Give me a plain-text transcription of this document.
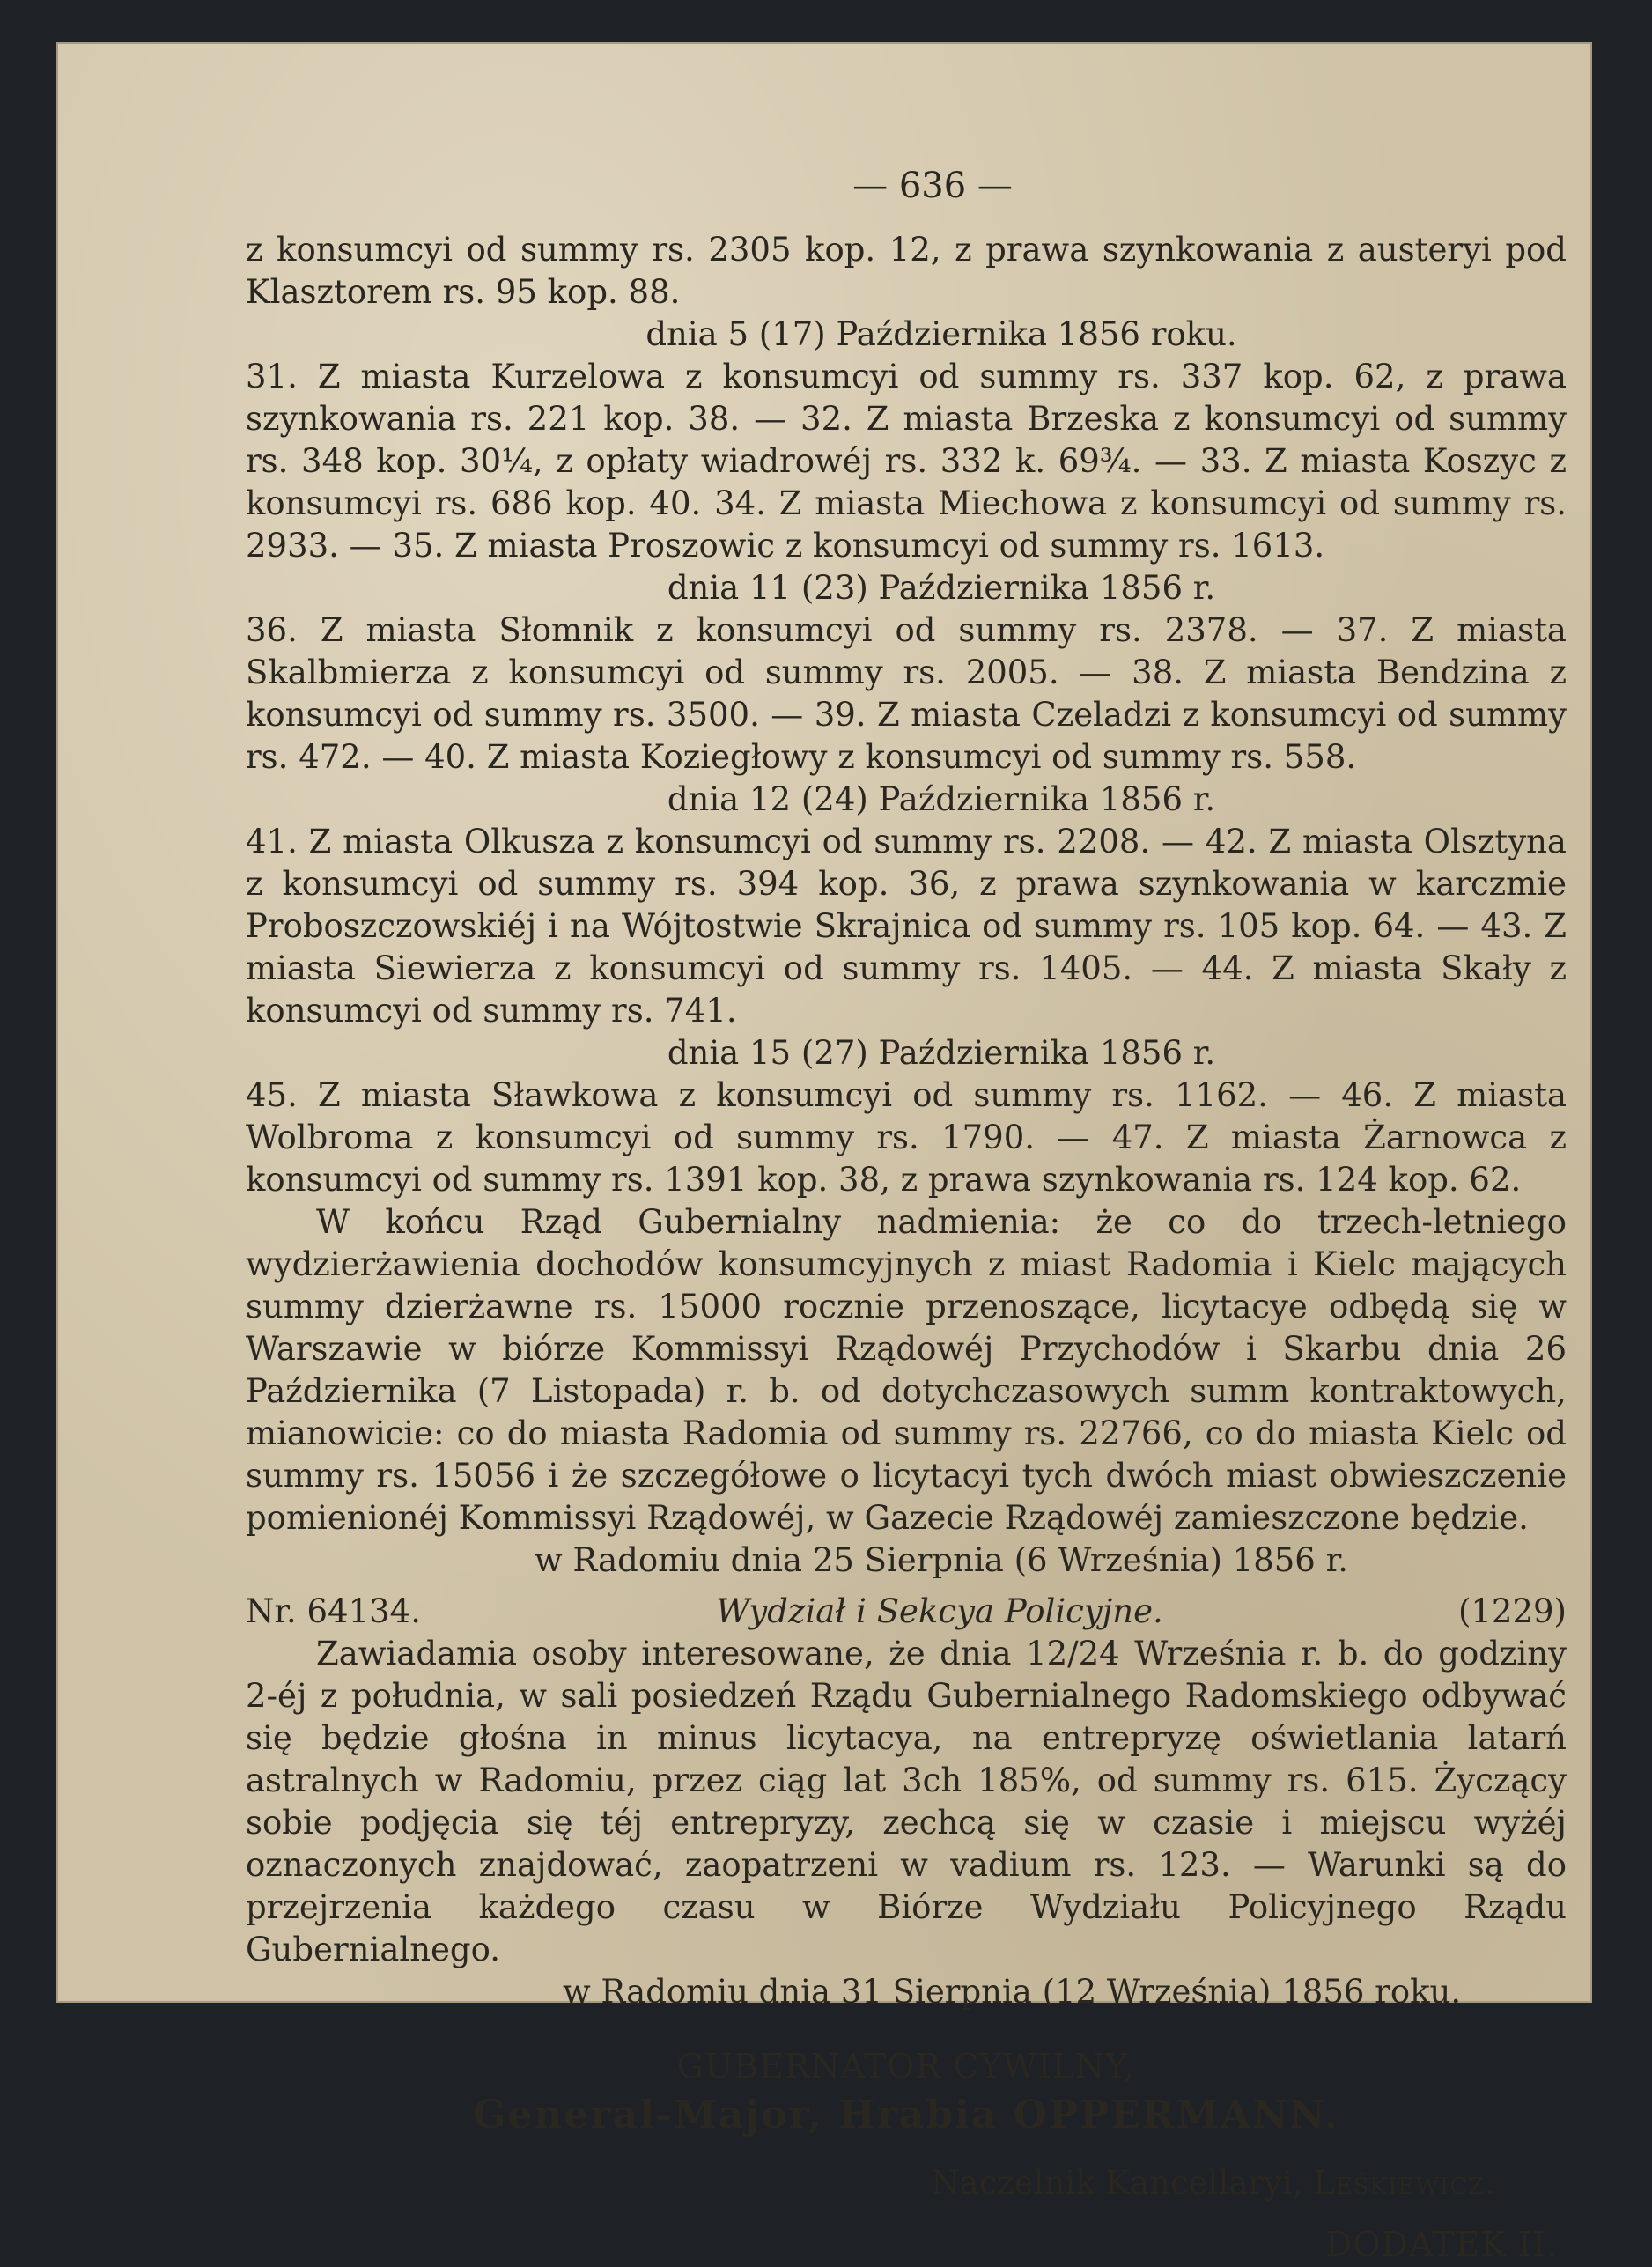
— 636 —

z konsumcyi od summy rs. 2305 kop. 12, z prawa szynkowania z austeryi pod Klasztorem rs. 95 kop. 88.

dnia 5 (17) Października 1856 roku.

31. Z miasta Kurzelowa z konsumcyi od summy rs. 337 kop. 62, z prawa szynkowania rs. 221 kop. 38. — 32. Z miasta Brzeska z konsumcyi od summy rs. 348 kop. 30¼, z opłaty wiadrowéj rs. 332 k. 69¾. — 33. Z miasta Koszyc z konsumcyi rs. 686 kop. 40. 34. Z miasta Miechowa z konsumcyi od summy rs. 2933. — 35. Z miasta Proszowic z konsumcyi od summy rs. 1613.

dnia 11 (23) Października 1856 r.

36. Z miasta Słomnik z konsumcyi od summy rs. 2378. — 37. Z miasta Skalbmierza z konsumcyi od summy rs. 2005. — 38. Z miasta Bendzina z konsumcyi od summy rs. 3500. — 39. Z miasta Czeladzi z konsumcyi od summy rs. 472. — 40. Z miasta Koziegłowy z konsumcyi od summy rs. 558.

dnia 12 (24) Października 1856 r.

41. Z miasta Olkusza z konsumcyi od summy rs. 2208. — 42. Z miasta Olsztyna z konsumcyi od summy rs. 394 kop. 36, z prawa szynkowania w karczmie Proboszczowskiéj i na Wójtostwie Skrajnica od summy rs. 105 kop. 64. — 43. Z miasta Siewierza z konsumcyi od summy rs. 1405. — 44. Z miasta Skały z konsumcyi od summy rs. 741.

dnia 15 (27) Października 1856 r.

45. Z miasta Sławkowa z konsumcyi od summy rs. 1162. — 46. Z miasta Wolbroma z konsumcyi od summy rs. 1790. — 47. Z miasta Żarnowca z konsumcyi od summy rs. 1391 kop. 38, z prawa szynkowania rs. 124 kop. 62.

W końcu Rząd Gubernialny nadmienia: że co do trzech-letniego wydzierżawienia dochodów konsumcyjnych z miast Radomia i Kielc mających summy dzierżawne rs. 15000 rocznie przenoszące, licytacye odbędą się w Warszawie w biórze Kommissyi Rządowéj Przychodów i Skarbu dnia 26 Października (7 Listopada) r. b. od dotychczasowych summ kontraktowych, mianowicie: co do miasta Radomia od summy rs. 22766, co do miasta Kielc od summy rs. 15056 i że szczegółowe o licytacyi tych dwóch miast obwieszczenie pomienionéj Kommissyi Rządowéj, w Gazecie Rządowéj zamieszczone będzie.

w Radomiu dnia 25 Sierpnia (6 Września) 1856 r.

Nr. 64134.	Wydział i Sekcya Policyjne.	(1229)

Zawiadamia osoby interesowane, że dnia 12/24 Września r. b. do godziny 2-éj z południa, w sali posiedzeń Rządu Gubernialnego Radomskiego odbywać się będzie głośna in minus licytacya, na entrepryzę oświetlania latarń astralnych w Radomiu, przez ciąg lat 3ch 185%, od summy rs. 615. Życzący sobie podjęcia się téj entrepryzy, zechcą się w czasie i miejscu wyżéj oznaczonych znajdować, zaopatrzeni w vadium rs. 123. — Warunki są do przejrzenia każdego czasu w Biórze Wydziału Policyjnego Rządu Gubernialnego.

w Radomiu dnia 31 Sierpnia (12 Września) 1856 roku.

GUBERNATOR CYWILNY,
General-Major, Hrabia OPPERMANN.
Naczelnik Kancellaryi, Leśkiewicz.
DODATEK II.
